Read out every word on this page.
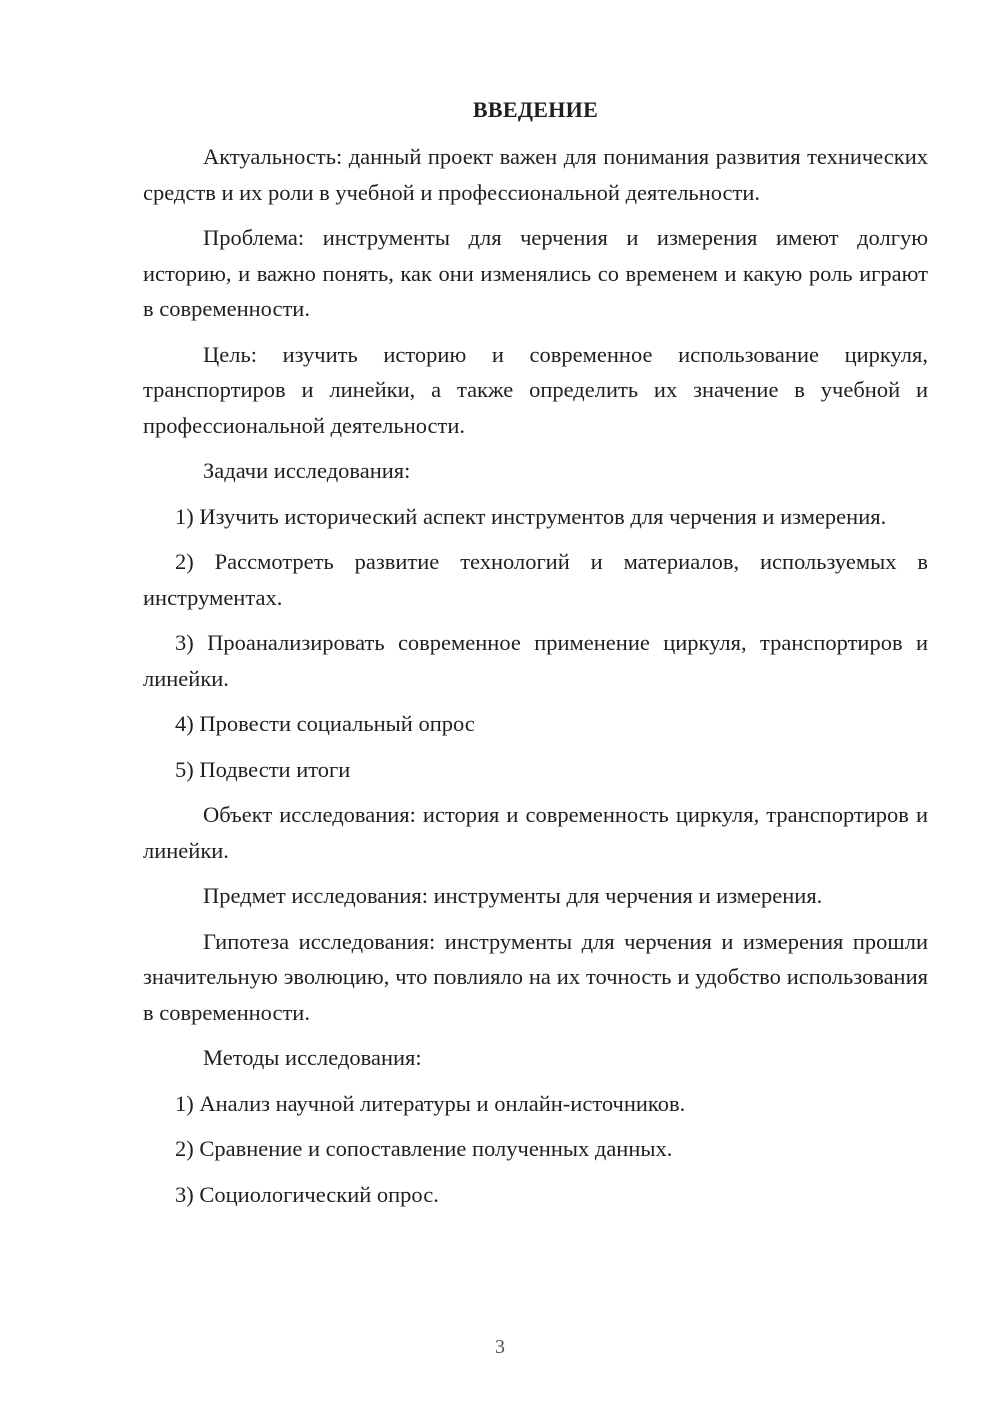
ВВЕДЕНИЕ

Актуальность: данный проект важен для понимания развития технических средств и их роли в учебной и профессиональной деятельности.

Проблема: инструменты для черчения и измерения имеют долгую историю, и важно понять, как они изменялись со временем и какую роль играют в современности.

Цель: изучить историю и современное использование циркуля, транспортиров и линейки, а также определить их значение в учебной и профессиональной деятельности.

Задачи исследования:

1) Изучить исторический аспект инструментов для черчения и измерения.

2) Рассмотреть развитие технологий и материалов, используемых в инструментах.

3) Проанализировать современное применение циркуля, транспортиров и линейки.

4) Провести социальный опрос

5) Подвести итоги

Объект исследования: история и современность циркуля, транспортиров и линейки.

Предмет исследования: инструменты для черчения и измерения.

Гипотеза исследования: инструменты для черчения и измерения прошли значительную эволюцию, что повлияло на их точность и удобство использования в современности.

Методы исследования:

1) Анализ научной литературы и онлайн-источников.

2) Сравнение и сопоставление полученных данных.

3) Социологический опрос.

3
